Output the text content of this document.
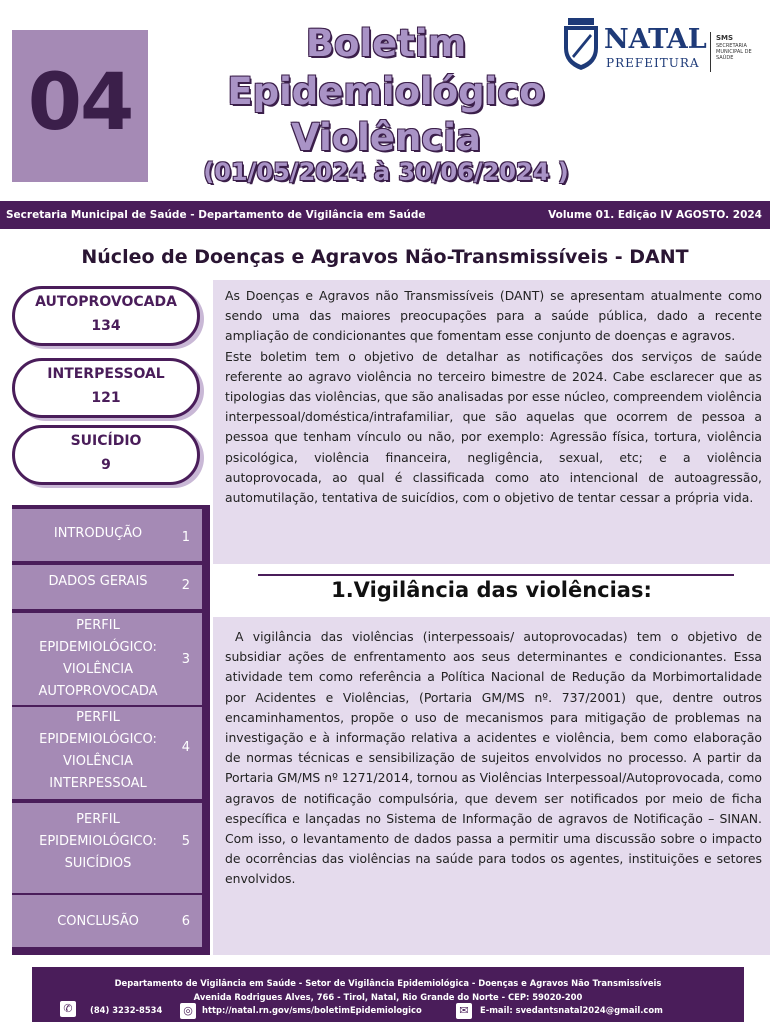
04
Boletim
Epidemiológico
Violência
(01/05/2024 à 30/06/2024 )
NATAL
PREFEITURA
SMS
SECRETARIA MUNICIPAL DE SAÚDE
Secretaria Municipal de Saúde - Departamento de Vigilância em Saúde	Volume 01. Edição IV AGOSTO. 2024
Núcleo de Doenças e Agravos Não-Transmissíveis - DANT
AUTOPROVOCADA
134
INTERPESSOAL
121
SUICÍDIO
9

As Doenças e Agravos não Transmissíveis (DANT) se apresentam atualmente como sendo uma das maiores preocupações para a saúde pública, dado a recente ampliação de condicionantes que fomentam esse conjunto de doenças e agravos.

Este boletim tem o objetivo de detalhar as notificações dos serviços de saúde referente ao agravo violência no terceiro bimestre de 2024. Cabe esclarecer que as tipologias das violências, que são analisadas por esse núcleo, compreendem violência interpessoal/doméstica/intrafamiliar, que são aquelas que ocorrem de pessoa a pessoa que tenham vínculo ou não, por exemplo: Agressão física, tortura, violência psicológica, violência financeira, negligência, sexual, etc; e a violência autoprovocada, ao qual é classificada como ato intencional de autoagressão, automutilação, tentativa de suicídios, com o objetivo de tentar cessar a própria vida.

INTRODUÇÃO	1
DADOS GERAIS	2
PERFIL EPIDEMIOLÓGICO: VIOLÊNCIA AUTOPROVOCADA
3
PERFIL EPIDEMIOLÓGICO: VIOLÊNCIA INTERPESSOAL
4
PERFIL EPIDEMIOLÓGICO: SUICÍDIOS
5
CONCLUSÃO	6
1.Vigilância das violências:
A vigilância das violências (interpessoais/ autoprovocadas) tem o objetivo de subsidiar ações de enfrentamento aos seus determinantes e condicionantes. Essa atividade tem como referência a Política Nacional de Redução da Morbimortalidade por Acidentes e Violências, (Portaria GM/MS nº. 737/2001) que, dentre outros encaminhamentos, propõe o uso de mecanismos para mitigação de problemas na investigação e à informação relativa a acidentes e violência, bem como elaboração de normas técnicas e sensibilização de sujeitos envolvidos no processo. A partir da Portaria GM/MS nº 1271/2014, tornou as Violências Interpessoal/Autoprovocada, como agravos de notificação compulsória, que devem ser notificados por meio de ficha específica e lançadas no Sistema de Informação de agravos de Notificação – SINAN. Com isso, o levantamento de dados passa a permitir uma discussão sobre o impacto de ocorrências das violências na saúde para todos os agentes, instituições e setores envolvidos.
Departamento de Vigilância em Saúde - Setor de Vigilância Epidemiológica - Doenças e Agravos Não Transmissíveis
Avenida Rodrigues Alves, 766 - Tirol, Natal, Rio Grande do Norte - CEP: 59020-200
✆	(84) 3232-8534 ◎	http://natal.rn.gov/sms/boletimEpidemiologico	✉	E-mail: svedantsnatal2024@gmail.com
